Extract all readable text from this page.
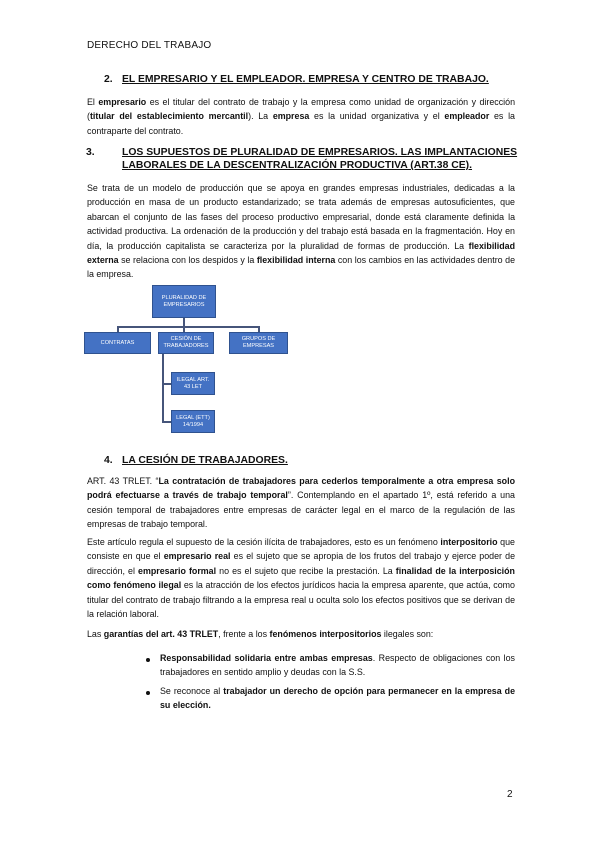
DERECHO DEL TRABAJO
2. EL EMPRESARIO Y EL EMPLEADOR. EMPRESA Y CENTRO DE TRABAJO.
El empresario es el titular del contrato de trabajo y la empresa como unidad de organización y dirección (titular del establecimiento mercantil). La empresa es la unidad organizativa y el empleador es la contraparte del contrato.
3.	LOS SUPUESTOS DE PLURALIDAD DE EMPRESARIOS. LAS IMPLANTACIONES LABORALES DE LA DESCENTRALIZACIÓN PRODUCTIVA (ART.38 CE).
Se trata de un modelo de producción que se apoya en grandes empresas industriales, dedicadas a la producción en masa de un producto estandarizado; se trata además de empresas autosuficientes, que abarcan el conjunto de las fases del proceso productivo empresarial, donde está claramente definida la actividad productiva. La ordenación de la producción y del trabajo está basada en la fragmentación. Hoy en día, la producción capitalista se caracteriza por la pluralidad de formas de producción. La flexibilidad externa se relaciona con los despidos y la flexibilidad interna con los cambios en las actividades dentro de la empresa.
PLURALIDAD DE EMPRESARIOS
CONTRATAS
CESIÓN DE TRABAJADORES
GRUPOS DE EMPRESAS
ILEGAL ART. 43 LET
LEGAL (ETT) 14/1994
4. LA CESIÓN DE TRABAJADORES.
ART. 43 TRLET. “La contratación de trabajadores para cederlos temporalmente a otra empresa solo podrá efectuarse a través de trabajo temporal”. Contemplando en el apartado 1º, está referido a una cesión temporal de trabajadores entre empresas de carácter legal en el marco de la regulación de las empresas de trabajo temporal.
Este artículo regula el supuesto de la cesión ilícita de trabajadores, esto es un fenómeno interpositorio que consiste en que el empresario real es el sujeto que se apropia de los frutos del trabajo y ejerce poder de dirección, el empresario formal no es el sujeto que recibe la prestación. La finalidad de la interposición como fenómeno ilegal es la atracción de los efectos jurídicos hacia la empresa aparente, que actúa, como titular del contrato de trabajo filtrando a la empresa real u oculta solo los efectos positivos que se derivan de la relación laboral.
Las garantías del art. 43 TRLET, frente a los fenómenos interpositorios ilegales son:
Responsabilidad solidaria entre ambas empresas. Respecto de obligaciones con los trabajadores en sentido amplio y deudas con la S.S.
Se reconoce al trabajador un derecho de opción para permanecer en la empresa de su elección.
2
